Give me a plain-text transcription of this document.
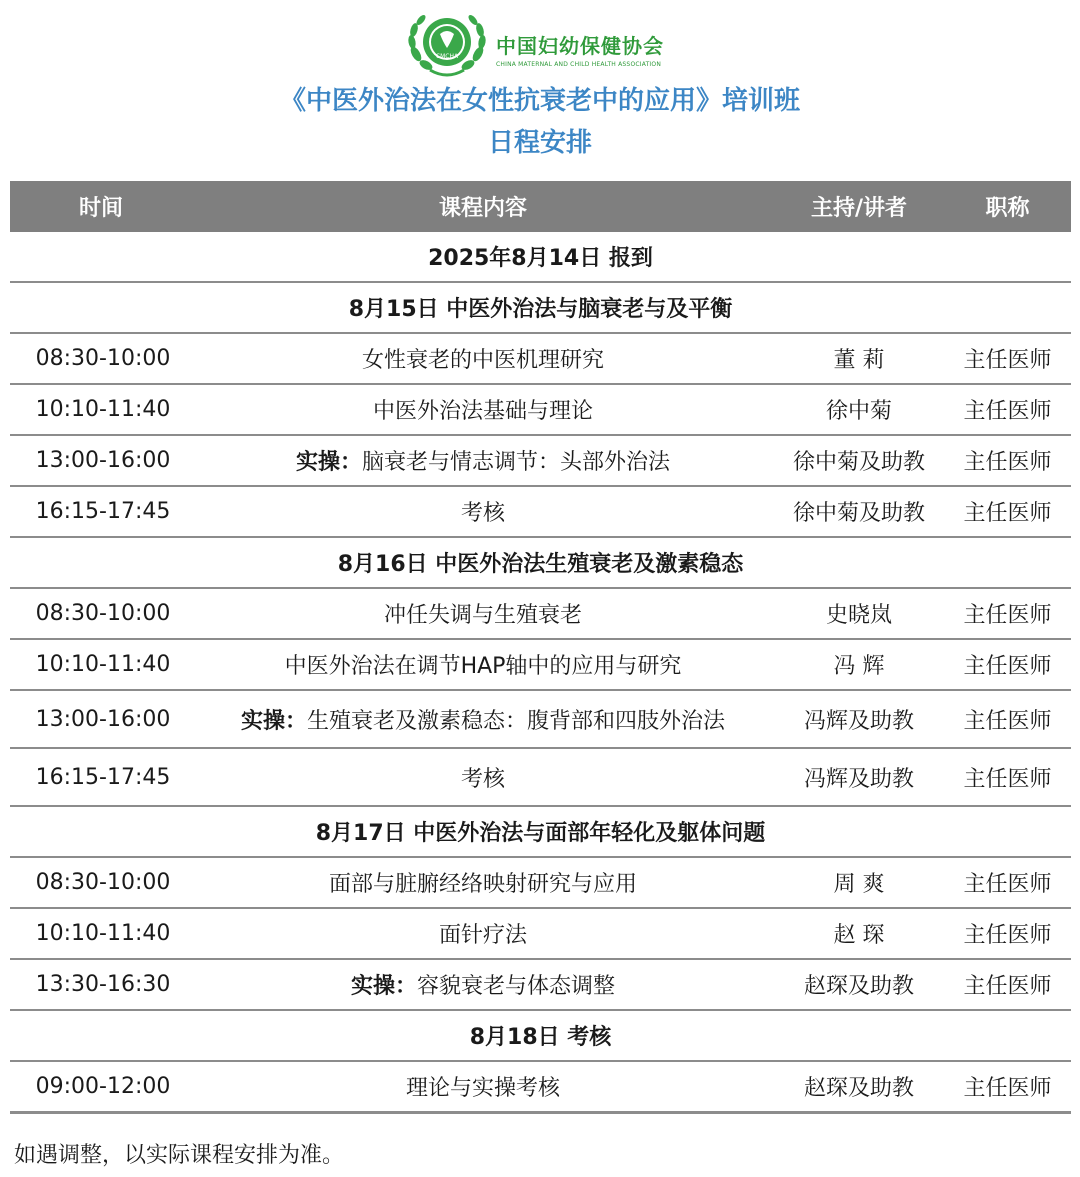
CMCHA 中国妇幼保健协会
CHINA MATERNAL AND CHILD HEALTH ASSOCIATION
《中医外治法在女性抗衰老中的应用》培训班
日程安排
时间	课程内容	主持/讲者	职称
2025年8月14日 报到			
8月15日 中医外治法与脑衰老与及平衡			
08:30-10:00	女性衰老的中医机理研究	董 莉	主任医师
10:10-11:40	中医外治法基础与理论	徐中菊	主任医师
13:00-16:00	实操：脑衰老与情志调节：头部外治法	徐中菊及助教	主任医师
16:15-17:45	考核	徐中菊及助教	主任医师
8月16日 中医外治法生殖衰老及激素稳态			
08:30-10:00	冲任失调与生殖衰老	史晓岚	主任医师
10:10-11:40	中医外治法在调节HAP轴中的应用与研究	冯 辉	主任医师
13:00-16:00	实操：生殖衰老及激素稳态：腹背部和四肢外治法	冯辉及助教	主任医师
16:15-17:45	考核	冯辉及助教	主任医师
8月17日 中医外治法与面部年轻化及躯体问题			
08:30-10:00	面部与脏腑经络映射研究与应用	周 爽	主任医师
10:10-11:40	面针疗法	赵 琛	主任医师
13:30-16:30	实操：容貌衰老与体态调整	赵琛及助教	主任医师
8月18日 考核			
09:00-12:00	理论与实操考核	赵琛及助教	主任医师
如遇调整，以实际课程安排为准。
